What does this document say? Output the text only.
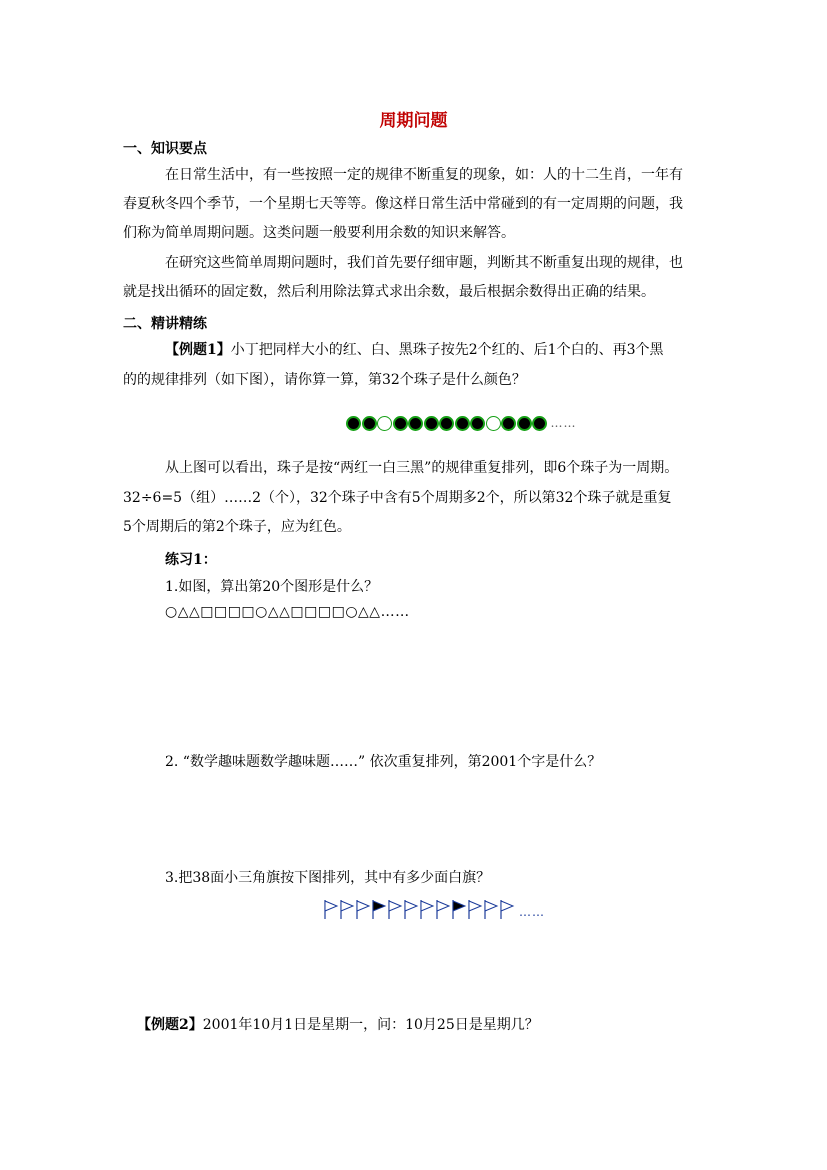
周期问题
一、知识要点
在日常生活中，有一些按照一定的规律不断重复的现象，如：人的十二生肖，一年有
春夏秋冬四个季节，一个星期七天等等。像这样日常生活中常碰到的有一定周期的问题，我
们称为简单周期问题。这类问题一般要利用余数的知识来解答。
在研究这些简单周期问题时，我们首先要仔细审题，判断其不断重复出现的规律，也
就是找出循环的固定数，然后利用除法算式求出余数，最后根据余数得出正确的结果。
二、精讲精练
【例题1】小丁把同样大小的红、白、黑珠子按先2个红的、后1个白的、再3个黑
的的规律排列（如下图），请你算一算，第32个珠子是什么颜色？
……
从上图可以看出，珠子是按“两红一白三黑”的规律重复排列，即6个珠子为一周期。
32÷6=5（组）……2（个），32个珠子中含有5个周期多2个，所以第32个珠子就是重复
5个周期后的第2个珠子，应为红色。
练习1：
1.如图，算出第20个图形是什么？
○△△□□□□○△△□□□□○△△……
2. “数学趣味题数学趣味题……” 依次重复排列，第2001个字是什么？
3.把38面小三角旗按下图排列，其中有多少面白旗？
……
【例题2】2001年10月1日是星期一，问：10月25日是星期几？
